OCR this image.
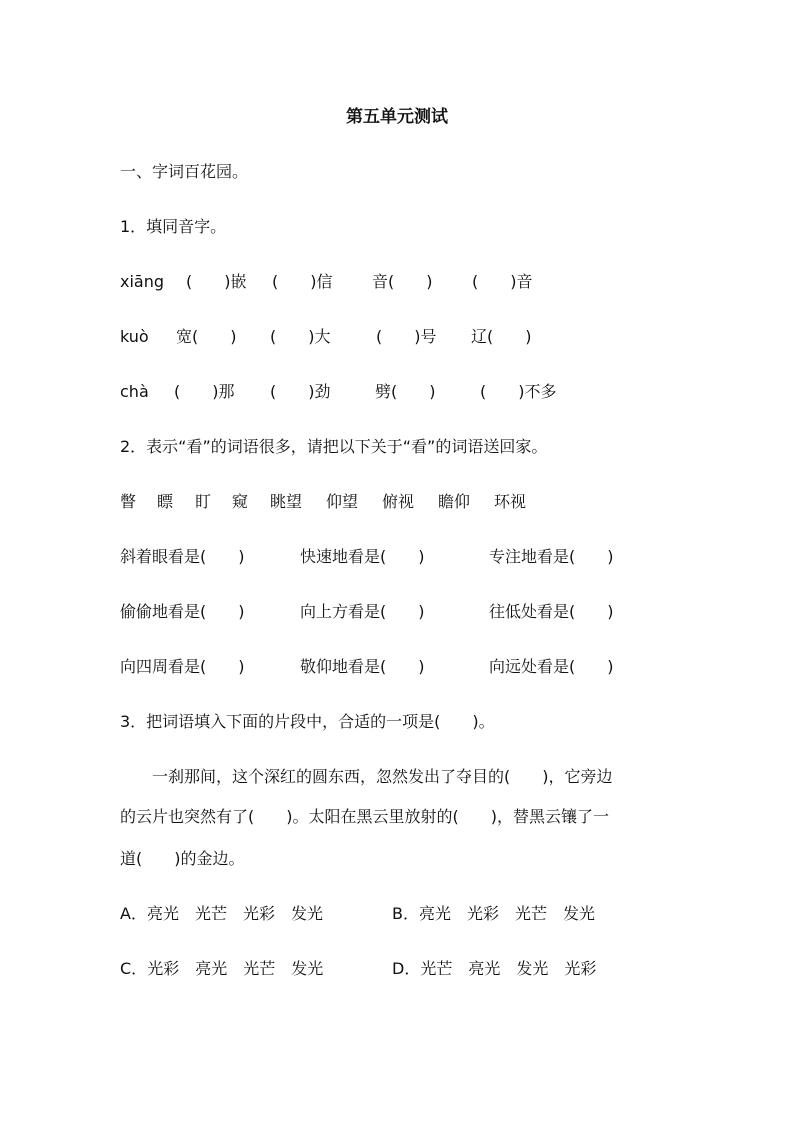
第五单元测试
一、字词百花园。
1．填同音字。
xiāng (　　)嵌 (　　)信 音(　　) (　　)音
kuò 宽(　　) (　　)大	(　　)号 辽(　　)
chà (　　)那 (　　)劲	劈(　　)	(　　)不多
2．表示“看”的词语很多，请把以下关于“看”的词语送回家。
瞥 瞟 盯 窥 眺望 仰望 俯视 瞻仰 环视
斜着眼看是(　　)	快速地看是(　　)	专注地看是(　　)
偷偷地看是(　　)	向上方看是(　　)	往低处看是(　　)
向四周看是(　　)	敬仰地看是(　　)	向远处看是(　　)
3．把词语填入下面的片段中，合适的一项是(　　)。
　　一刹那间，这个深红的圆东西，忽然发出了夺目的(　　)，它旁边
的云片也突然有了(　　)。太阳在黑云里放射的(　　)，替黑云镶了一
道(　　)的金边。
A．亮光　光芒　光彩　发光	B．亮光　光彩　光芒　发光
C．光彩　亮光　光芒　发光	D．光芒　亮光　发光　光彩
